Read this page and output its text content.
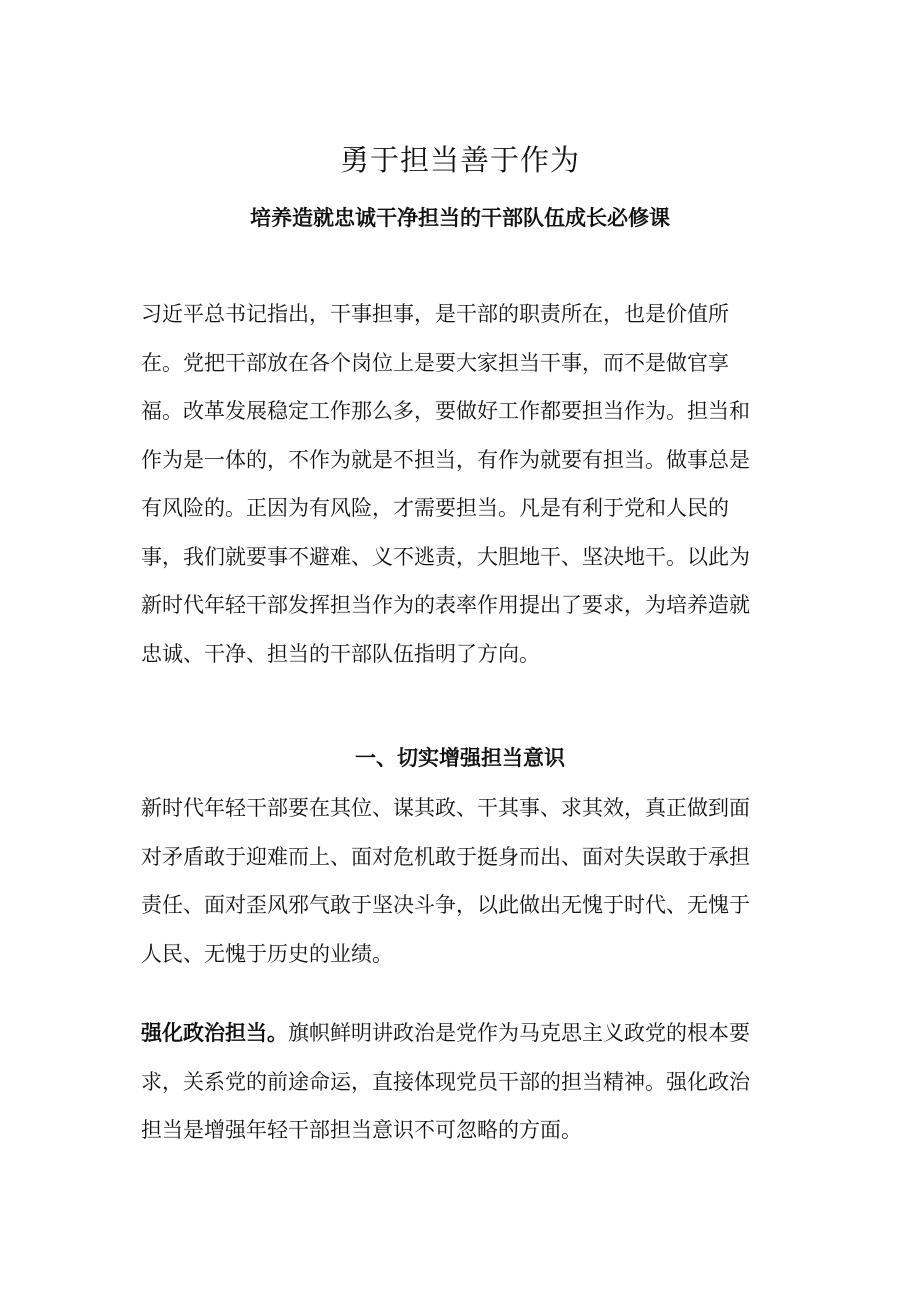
勇于担当善于作为
培养造就忠诚干净担当的干部队伍成长必修课

习近平总书记指出，干事担事，是干部的职责所在，也是价值所
在。党把干部放在各个岗位上是要大家担当干事，而不是做官享
福。改革发展稳定工作那么多，要做好工作都要担当作为。担当和
作为是一体的，不作为就是不担当，有作为就要有担当。做事总是
有风险的。正因为有风险，才需要担当。凡是有利于党和人民的
事，我们就要事不避难、义不逃责，大胆地干、坚决地干。以此为
新时代年轻干部发挥担当作为的表率作用提出了要求，为培养造就
忠诚、干净、担当的干部队伍指明了方向。

一、切实增强担当意识

新时代年轻干部要在其位、谋其政、干其事、求其效，真正做到面
对矛盾敢于迎难而上、面对危机敢于挺身而出、面对失误敢于承担
责任、面对歪风邪气敢于坚决斗争，以此做出无愧于时代、无愧于
人民、无愧于历史的业绩。

强化政治担当。旗帜鲜明讲政治是党作为马克思主义政党的根本要
求，关系党的前途命运，直接体现党员干部的担当精神。强化政治
担当是增强年轻干部担当意识不可忽略的方面。
